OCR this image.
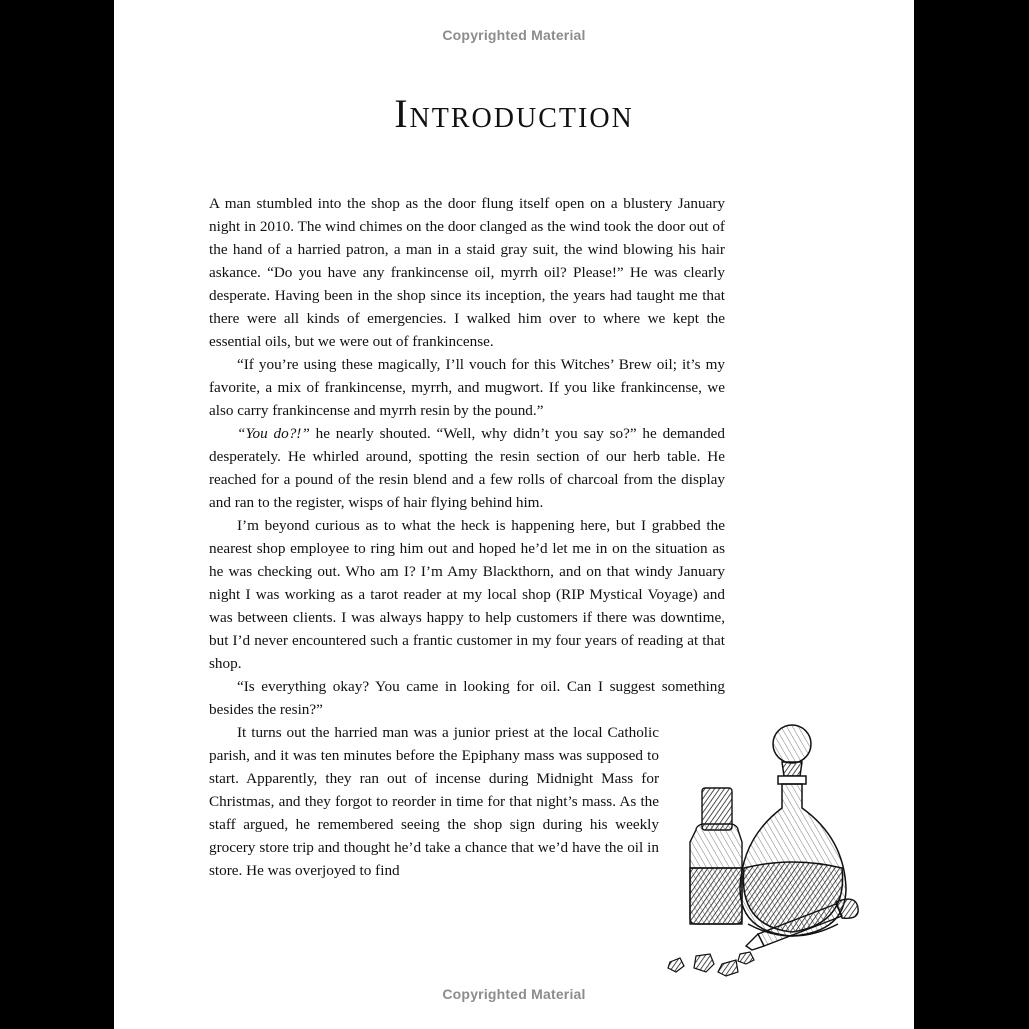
Copyrighted Material
Introduction

A man stumbled into the shop as the door flung itself open on a blustery January night in 2010. The wind chimes on the door clanged as the wind took the door out of the hand of a harried patron, a man in a staid gray suit, the wind blowing his hair askance. “Do you have any frankincense oil, myrrh oil? Please!” He was clearly desperate. Having been in the shop since its inception, the years had taught me that there were all kinds of emergencies. I walked him over to where we kept the essential oils, but we were out of frankincense.

“If you’re using these magically, I’ll vouch for this Witches’ Brew oil; it’s my favorite, a mix of frankincense, myrrh, and mugwort. If you like frankincense, we also carry frankincense and myrrh resin by the pound.”

“You do?!” he nearly shouted. “Well, why didn’t you say so?” he demanded desperately. He whirled around, spotting the resin section of our herb table. He reached for a pound of the resin blend and a few rolls of charcoal from the display and ran to the register, wisps of hair flying behind him.

I’m beyond curious as to what the heck is happening here, but I grabbed the nearest shop employee to ring him out and hoped he’d let me in on the situation as he was checking out. Who am I? I’m Amy Blackthorn, and on that windy January night I was working as a tarot reader at my local shop (RIP Mystical Voyage) and was between clients. I was always happy to help customers if there was downtime, but I’d never encountered such a frantic customer in my four years of reading at that shop.

“Is everything okay? You came in looking for oil. Can I suggest something besides the resin?”

It turns out the harried man was a junior priest at the local Catholic parish, and it was ten minutes before the Epiphany mass was supposed to start. Apparently, they ran out of incense during Midnight Mass for Christmas, and they forgot to reorder in time for that night’s mass. As the staff argued, he remembered seeing the shop sign during his weekly grocery store trip and thought he’d take a chance that we’d have the oil in store. He was overjoyed to find

Copyrighted Material
